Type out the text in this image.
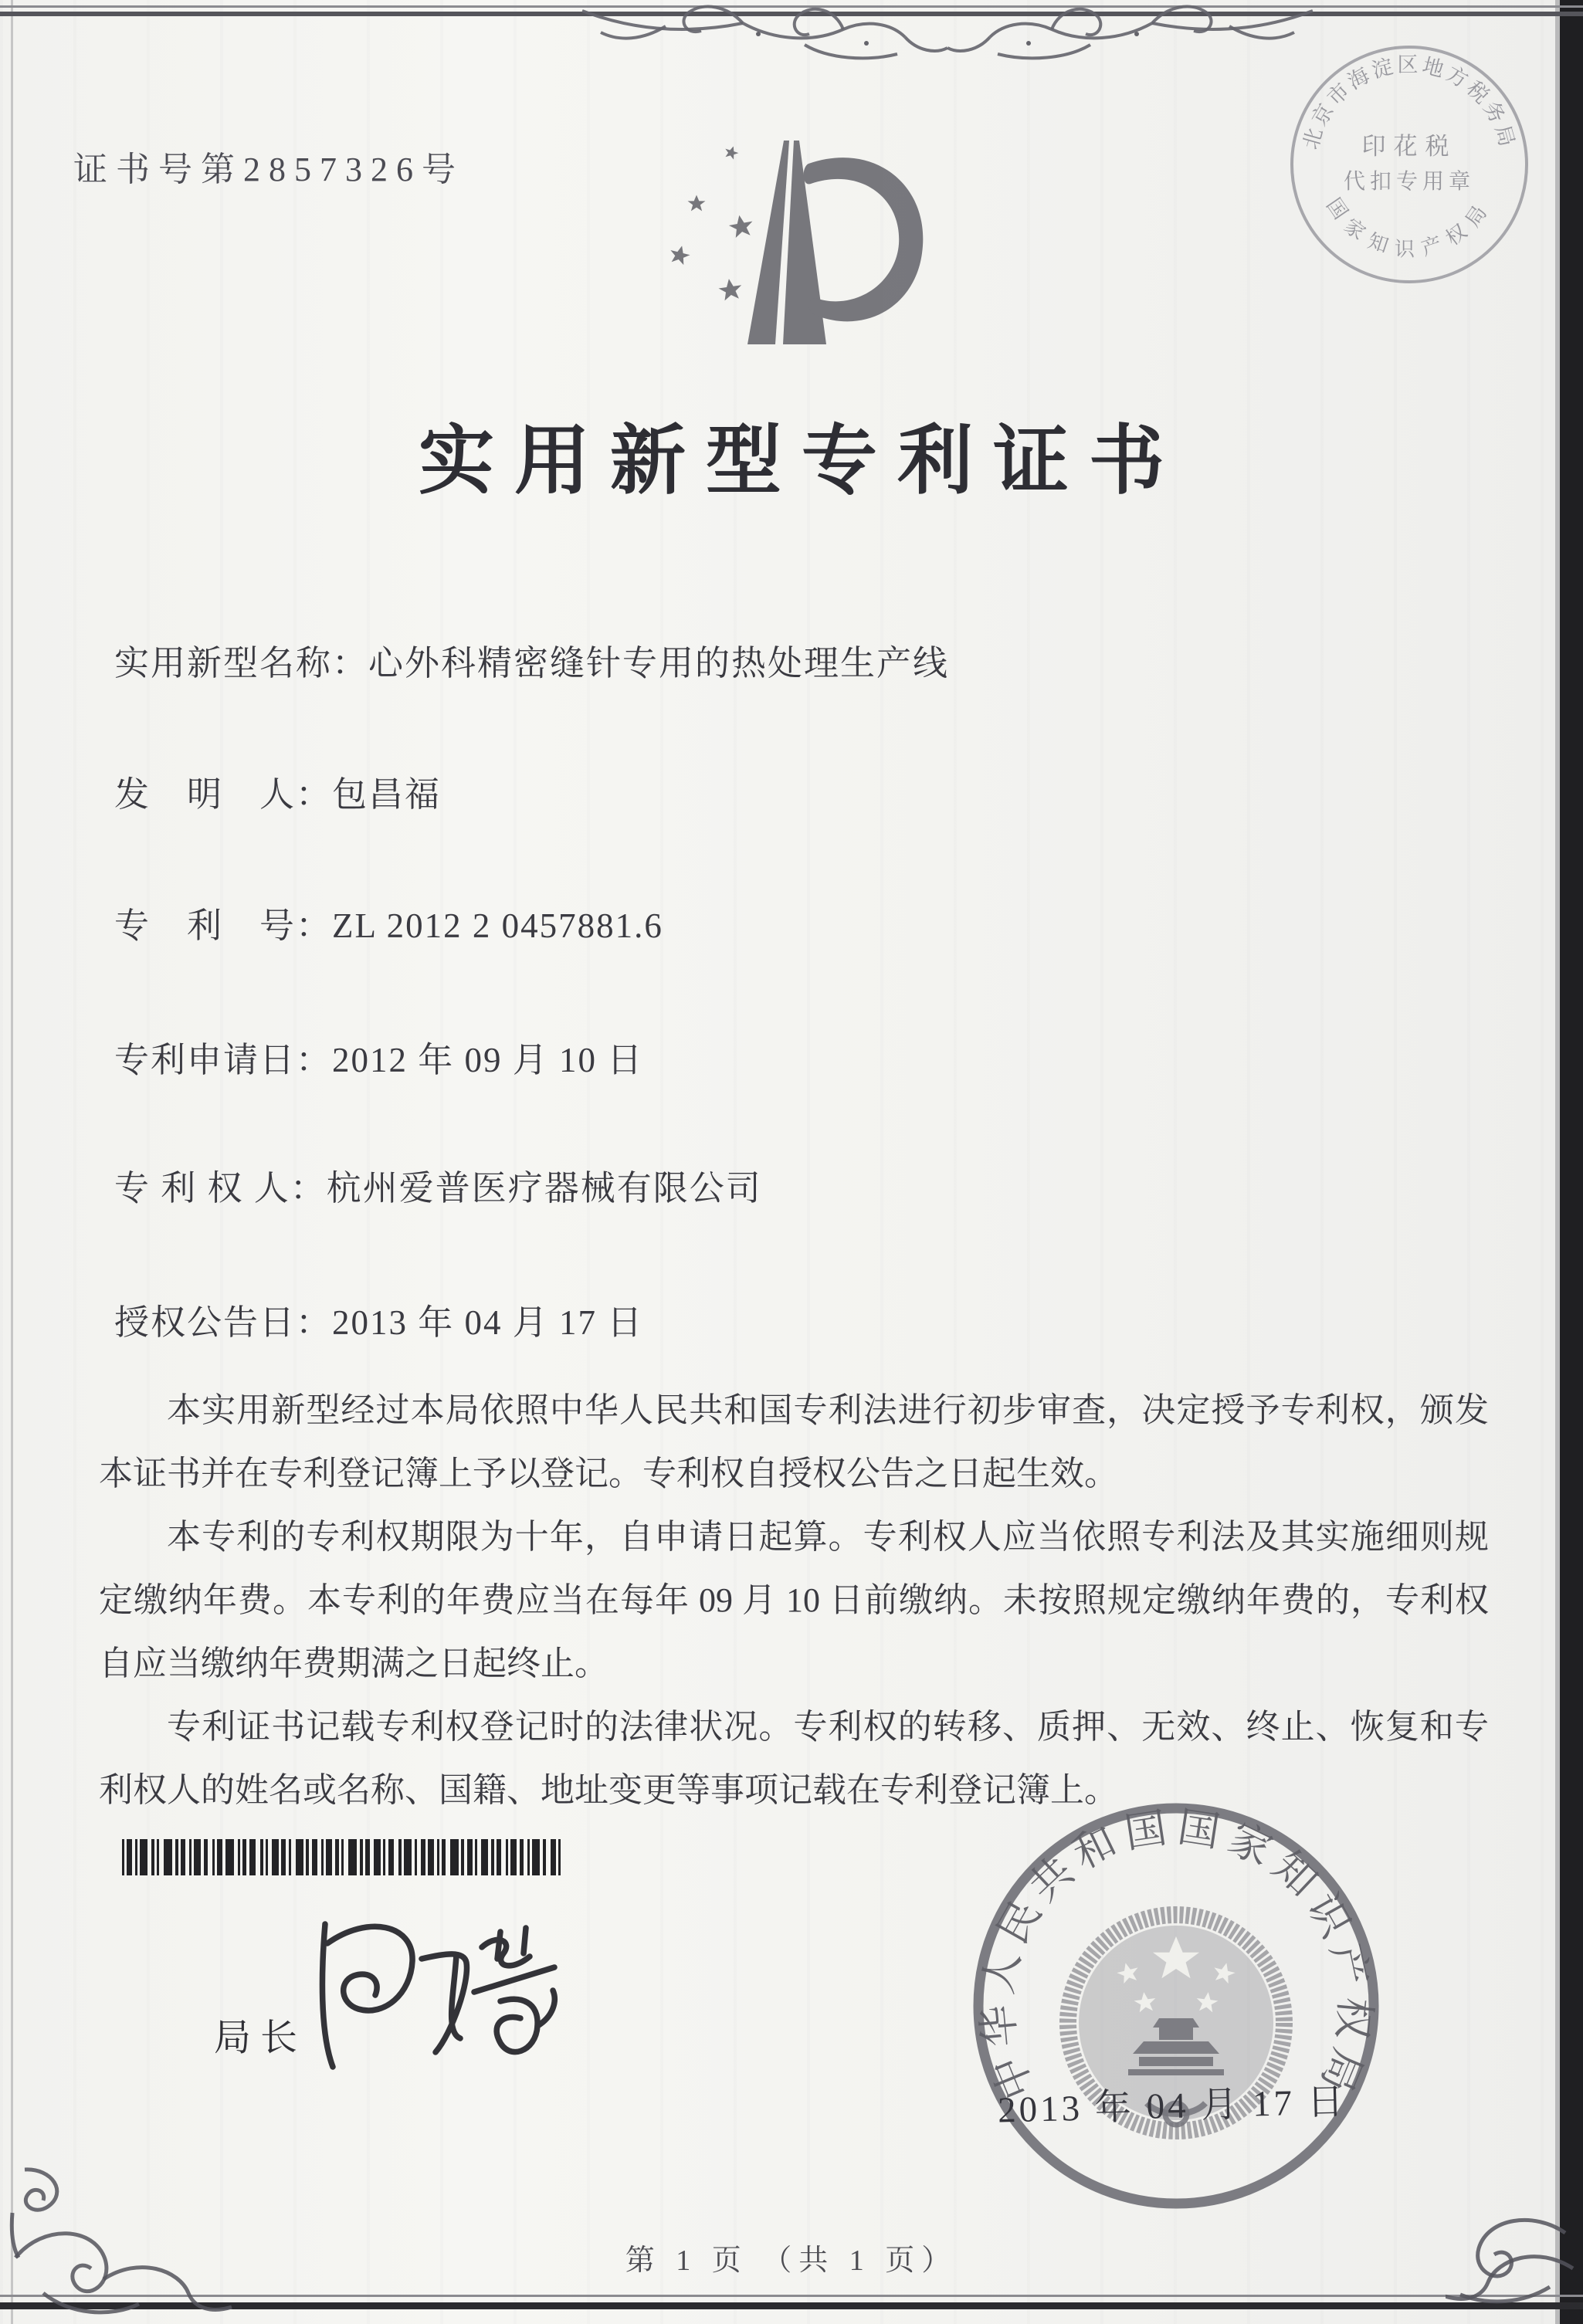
证书号第2857326号
北京市海淀区地方税务局
国家知识产权局
印花税
代扣专用章
实用新型专利证书
实用新型名称：心外科精密缝针专用的热处理生产线
发　明　人：包昌福
专　利　号：ZL 2012 2 0457881.6
专利申请日：2012 年 09 月 10 日
专 利 权 人：杭州爱普医疗器械有限公司
授权公告日：2013 年 04 月 17 日

本实用新型经过本局依照中华人民共和国专利法进行初步审查，决定授予专利权，颁发本证书并在专利登记簿上予以登记。专利权自授权公告之日起生效。

本专利的专利权期限为十年，自申请日起算。专利权人应当依照专利法及其实施细则规定缴纳年费。本专利的年费应当在每年 09 月 10 日前缴纳。未按照规定缴纳年费的，专利权自应当缴纳年费期满之日起终止。

专利证书记载专利权登记时的法律状况。专利权的转移、质押、无效、终止、恢复和专利权人的姓名或名称、国籍、地址变更等事项记载在专利登记簿上。

局长
中华人民共和国国家知识产权局
2013 年 04 月 17 日
第 1 页 （共 1 页）
